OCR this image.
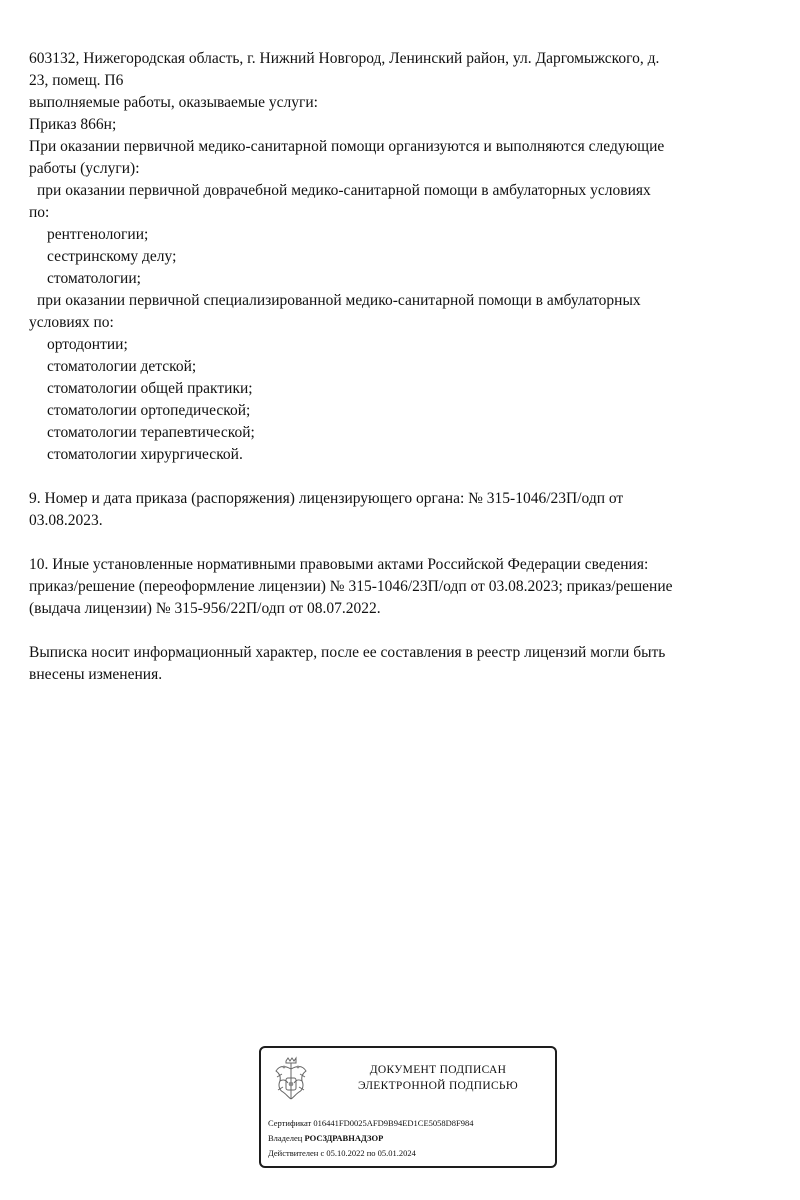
603132, Нижегородская область, г. Нижний Новгород, Ленинский район, ул. Даргомыжского, д.

23, помещ. П6

выполняемые работы, оказываемые услуги:

Приказ 866н;

При оказании первичной медико-санитарной помощи организуются и выполняются следующие

работы (услуги):

при оказании первичной доврачебной медико-санитарной помощи в амбулаторных условиях

по:

рентгенологии;

сестринскому делу;

стоматологии;

при оказании первичной специализированной медико-санитарной помощи в амбулаторных

условиях по:

ортодонтии;

стоматологии детской;

стоматологии общей практики;

стоматологии ортопедической;

стоматологии терапевтической;

стоматологии хирургической.

9. Номер и дата приказа (распоряжения) лицензирующего органа: № 315-1046/23П/одп от

03.08.2023.

10. Иные установленные нормативными правовыми актами Российской Федерации сведения:

приказ/решение (переоформление лицензии) № 315-1046/23П/одп от 03.08.2023; приказ/решение

(выдача лицензии) № 315-956/22П/одп от 08.07.2022.

Выписка носит информационный характер, после ее составления в реестр лицензий могли быть

внесены изменения.

ДОКУМЕНТ ПОДПИСАН
ЭЛЕКТРОННОЙ ПОДПИСЬЮ
Сертификат 016441FD0025AFD9B94ED1CE5058D8F984
Владелец РОСЗДРАВНАДЗОР
Действителен с 05.10.2022 по 05.01.2024
